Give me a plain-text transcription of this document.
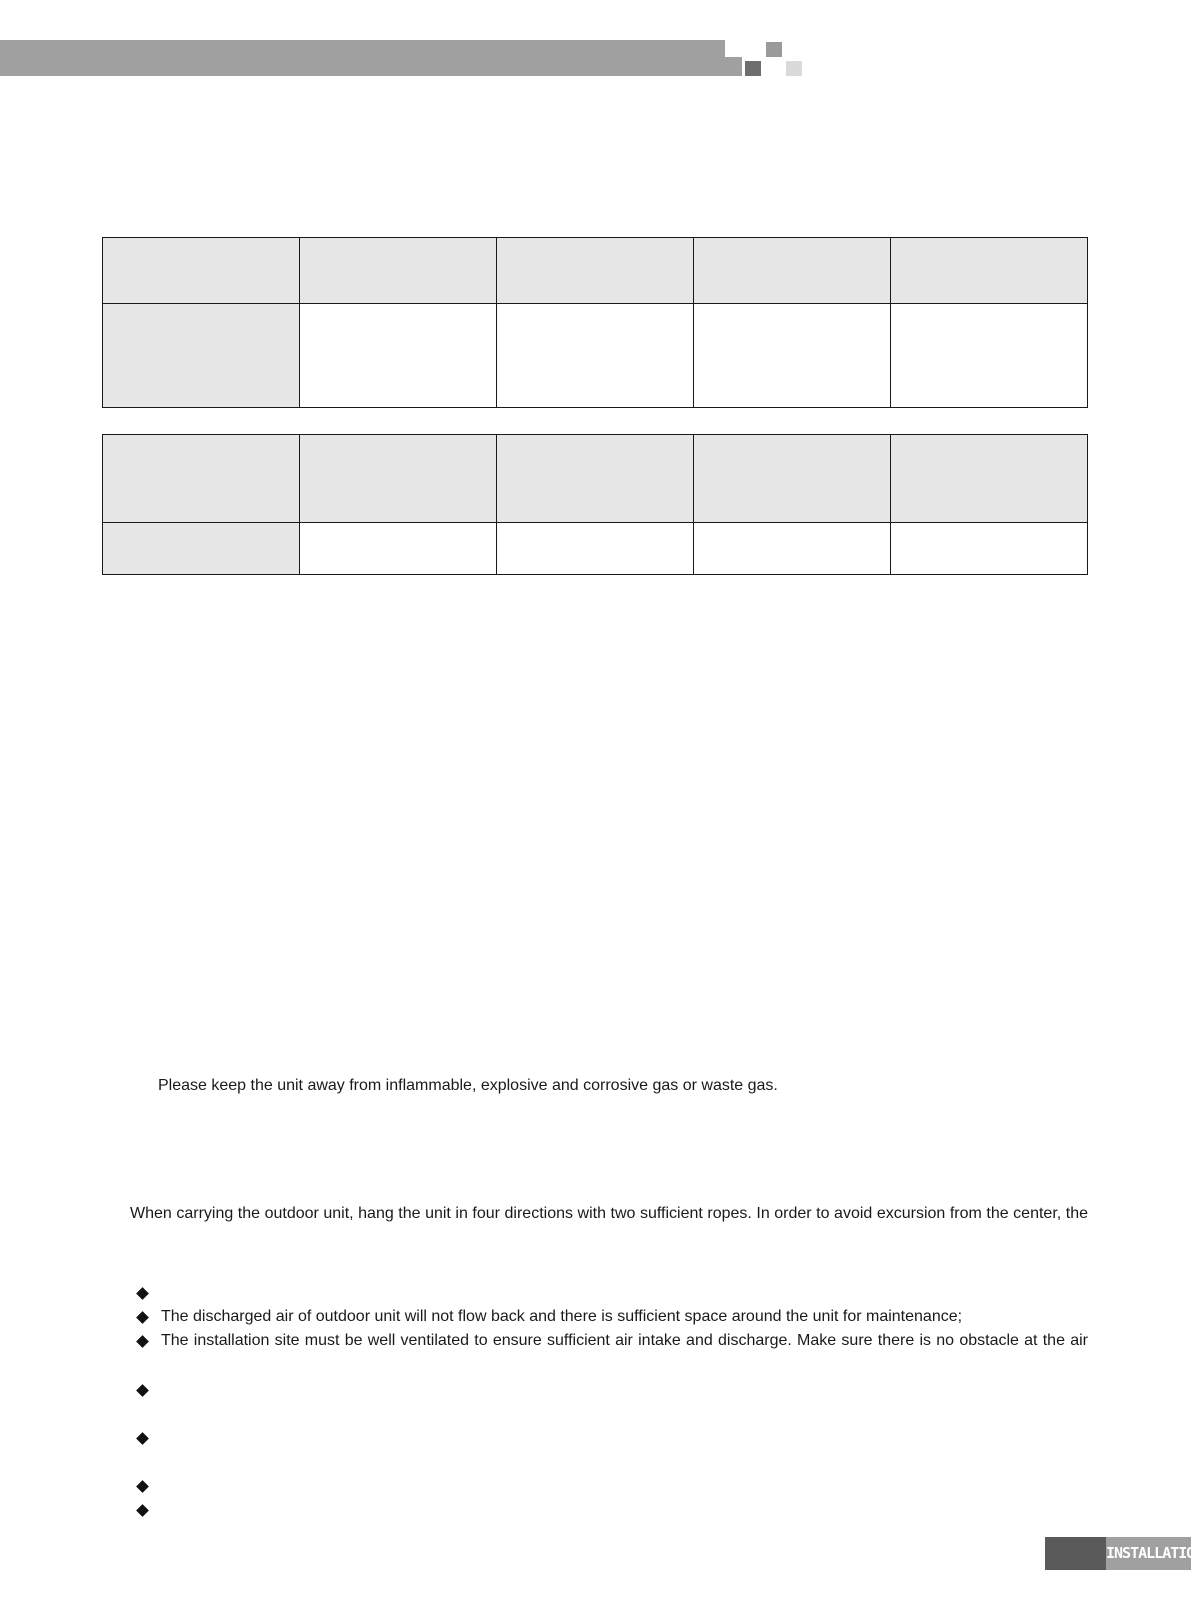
Please keep the unit away from inflammable, explosive and corrosive gas or waste gas.
When carrying the outdoor unit, hang the unit in four directions with two sufficient ropes. In order to avoid excursion from the center, the
The discharged air of outdoor unit will not flow back and there is sufficient space around the unit for maintenance;
The installation site must be well ventilated to ensure sufficient air intake and discharge. Make sure there is no obstacle at the air
INSTALLATION
